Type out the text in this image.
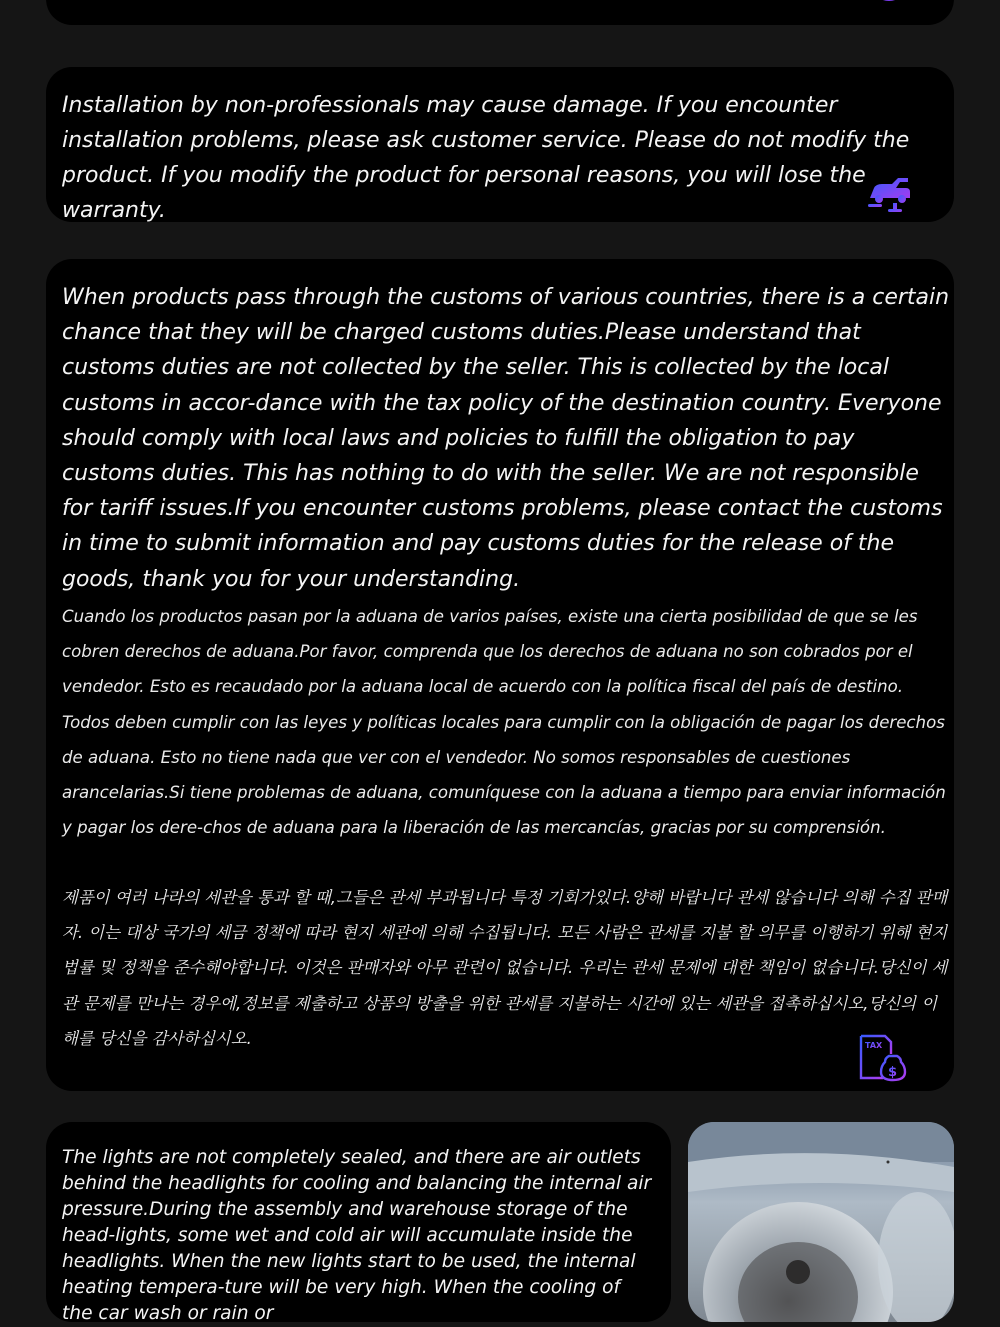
Installation by non-professionals may cause damage. If you encounter installation problems, please ask customer service. Please do not modify the product. If you modify the product for personal reasons, you will lose the warranty.

When products pass through the customs of various countries, there is a certain chance that they will be charged customs duties.Please understand that customs duties are not collected by the seller. This is collected by the local customs in accor-dance with the tax policy of the destination country. Everyone should comply with local laws and policies to fulfill the obligation to pay customs duties. This has nothing to do with the seller. We are not responsible for tariff issues.If you encounter customs problems, please contact the customs in time to submit information and pay customs duties for the release of the goods, thank you for your understanding.

Cuando los productos pasan por la aduana de varios países, existe una cierta posibilidad de que se les cobren derechos de aduana.Por favor, comprenda que los derechos de aduana no son cobrados por el vendedor. Esto es recaudado por la aduana local de acuerdo con la política fiscal del país de destino. Todos deben cumplir con las leyes y políticas locales para cumplir con la obligación de pagar los derechos de aduana. Esto no tiene nada que ver con el vendedor. No somos responsables de cuestiones arancelarias.Si tiene problemas de aduana, comuníquese con la aduana a tiempo para enviar información y pagar los dere-chos de aduana para la liberación de las mercancías, gracias por su comprensión.

제품이 여러 나라의 세관을 통과 할 때,그들은 관세 부과됩니다 특정 기회가있다.양해 바랍니다 관세 않습니다 의해 수집 판매자. 이는 대상 국가의 세금 정책에 따라 현지 세관에 의해 수집됩니다. 모든 사람은 관세를 지불 할 의무를 이행하기 위해 현지 법률 및 정책을 준수해야합니다. 이것은 판매자와 아무 관련이 없습니다. 우리는 관세 문제에 대한 책임이 없습니다.당신이 세관 문제를 만나는 경우에,정보를 제출하고 상품의 방출을 위한 관세를 지불하는 시간에 있는 세관을 접촉하십시오,당신의 이해를 당신을 감사하십시오.	TAX
$

The lights are not completely sealed, and there are air outlets behind the headlights for cooling and balancing the internal air pressure.During the assembly and warehouse storage of the head-lights, some wet and cold air will accumulate inside the headlights. When the new lights start to be used, the internal heating tempera-ture will be very high. When the cooling of the car wash or rain or
